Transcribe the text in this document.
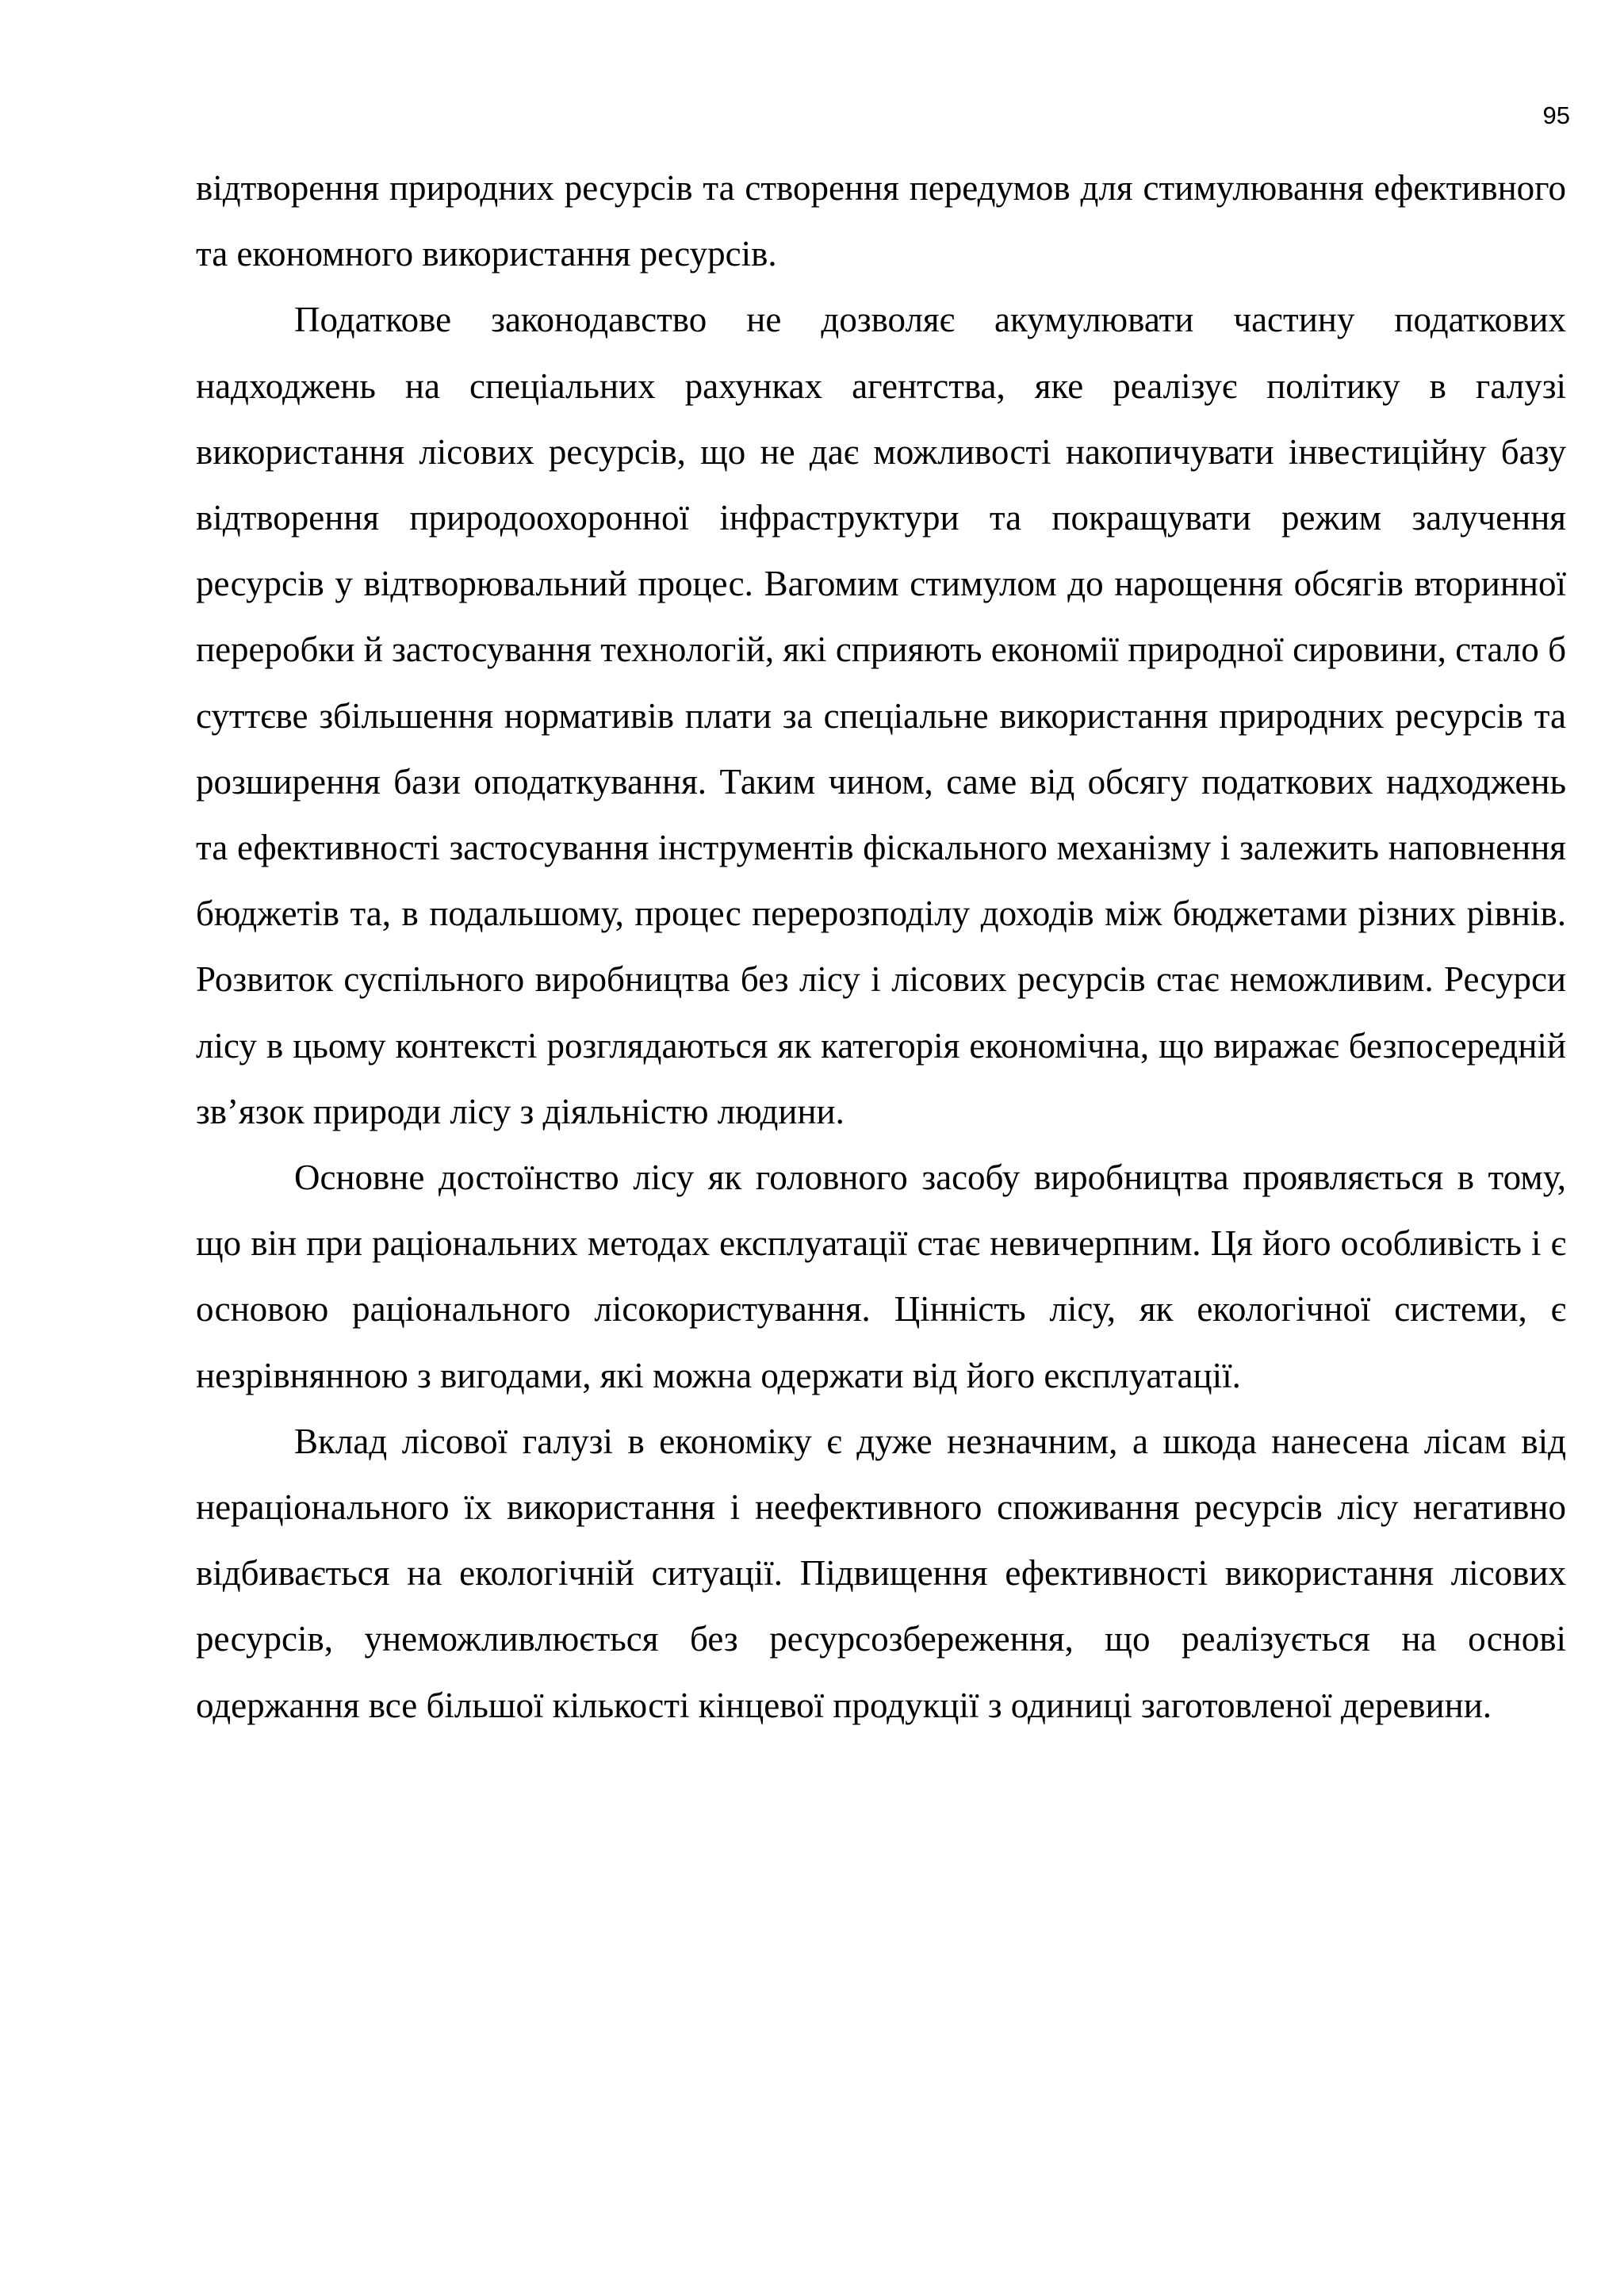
95

відтворення природних ресурсів та створення передумов для стимулювання ефективного та економного використання ресурсів.

Податкове законодавство не дозволяє акумулювати частину податкових надходжень на спеціальних рахунках агентства, яке реалізує політику в галузі використання лісових ресурсів, що не дає можливості накопичувати інвестиційну базу відтворення природоохоронної інфраструктури та покращувати режим залучення ресурсів у відтворювальний процес. Вагомим стимулом до нарощення обсягів вторинної переробки й застосування технологій, які сприяють економії природної сировини, стало б суттєве збільшення нормативів плати за спеціальне використання природних ресурсів та розширення бази оподаткування. Таким чином, саме від обсягу податкових надходжень та ефективності застосування інструментів фіскального механізму і залежить наповнення бюджетів та, в подальшому, процес перерозподілу доходів між бюджетами різних рівнів. Розвиток суспільного виробництва без лісу і лісових ресурсів стає неможливим. Ресурси лісу в цьому контексті розглядаються як категорія економічна, що виражає безпосередній зв’язок природи лісу з діяльністю людини.

Основне достоїнство лісу як головного засобу виробництва проявляється в тому, що він при раціональних методах експлуатації стає невичерпним. Ця його особливість і є основою раціонального лісокористування. Цінність лісу, як екологічної системи, є незрівнянною з вигодами, які можна одержати від його експлуатації.

Вклад лісової галузі в економіку є дуже незначним, а шкода нанесена лісам від нераціонального їх використання і неефективного споживання ресурсів лісу негативно відбивається на екологічній ситуації. Підвищення ефективності використання лісових ресурсів, унеможливлюється без ресурсозбереження, що реалізується на основі одержання все більшої кількості кінцевої продукції з одиниці заготовленої деревини.
